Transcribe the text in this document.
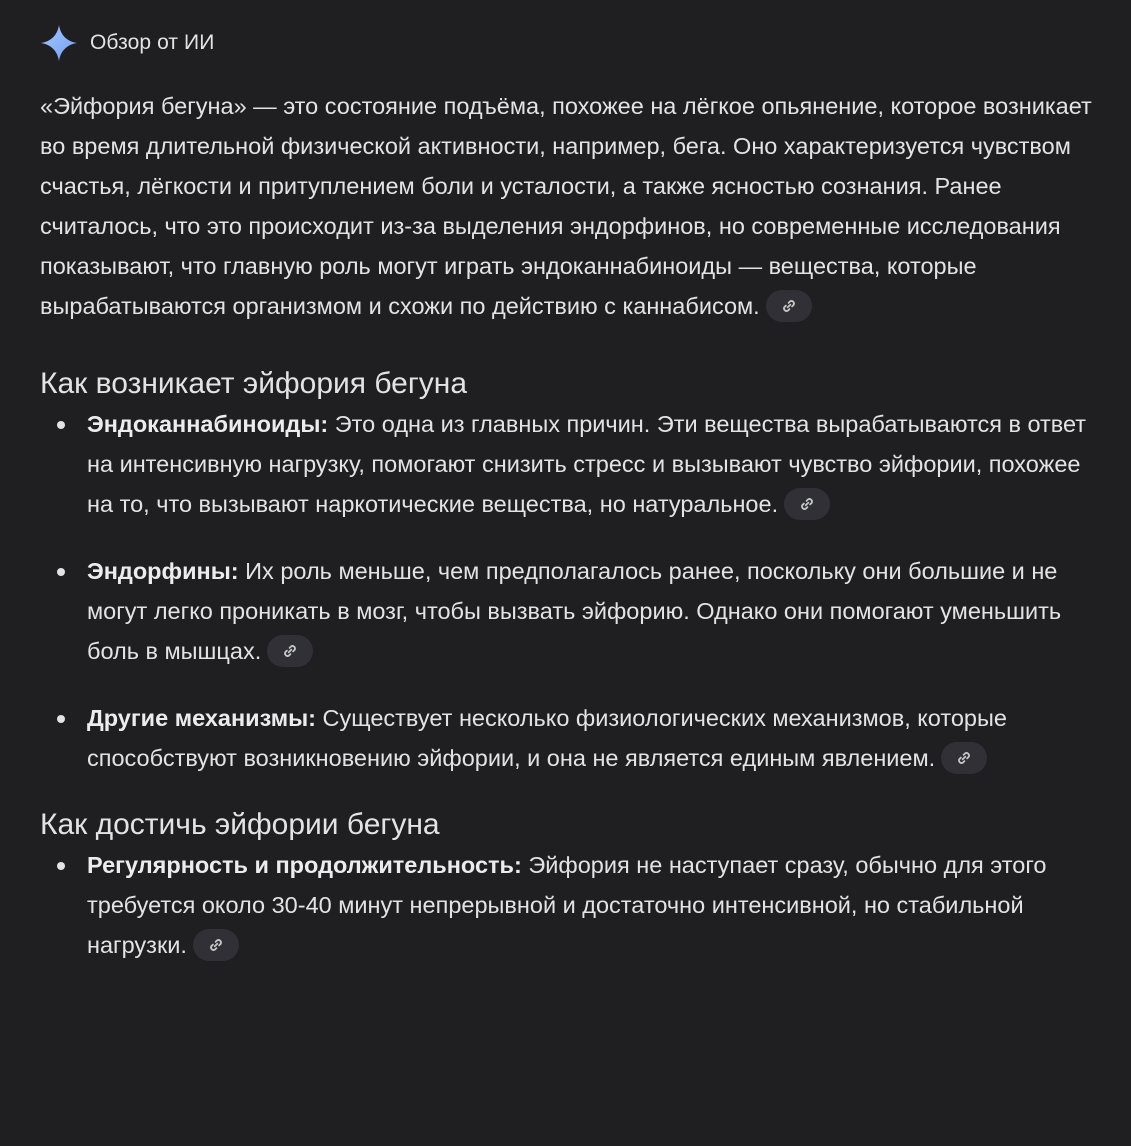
Обзор от ИИ

«Эйфория бегуна» — это состояние подъёма, похожее на лёгкое опьянение, которое возникает во время длительной физической активности, например, бега. Оно характеризуется чувством счастья, лёгкости и притуплением боли и усталости, а также ясностью сознания. Ранее считалось, что это происходит из-за выделения эндорфинов, но современные исследования показывают, что главную роль могут играть эндоканнабиноиды — вещества, которые вырабатываются организмом и схожи по действию с каннабисом.

Как возникает эйфория бегуна
Эндоканнабиноиды: Это одна из главных причин. Эти вещества вырабатываются в ответ на интенсивную нагрузку, помогают снизить стресс и вызывают чувство эйфории, похожее на то, что вызывают наркотические вещества, но натуральное.
Эндорфины: Их роль меньше, чем предполагалось ранее, поскольку они большие и не могут легко проникать в мозг, чтобы вызвать эйфорию. Однако они помогают уменьшить боль в мышцах.
Другие механизмы: Существует несколько физиологических механизмов, которые способствуют возникновению эйфории, и она не является единым явлением.
Как достичь эйфории бегуна
Регулярность и продолжительность: Эйфория не наступает сразу, обычно для этого требуется около 30-40 минут непрерывной и достаточно интенсивной, но стабильной нагрузки.
